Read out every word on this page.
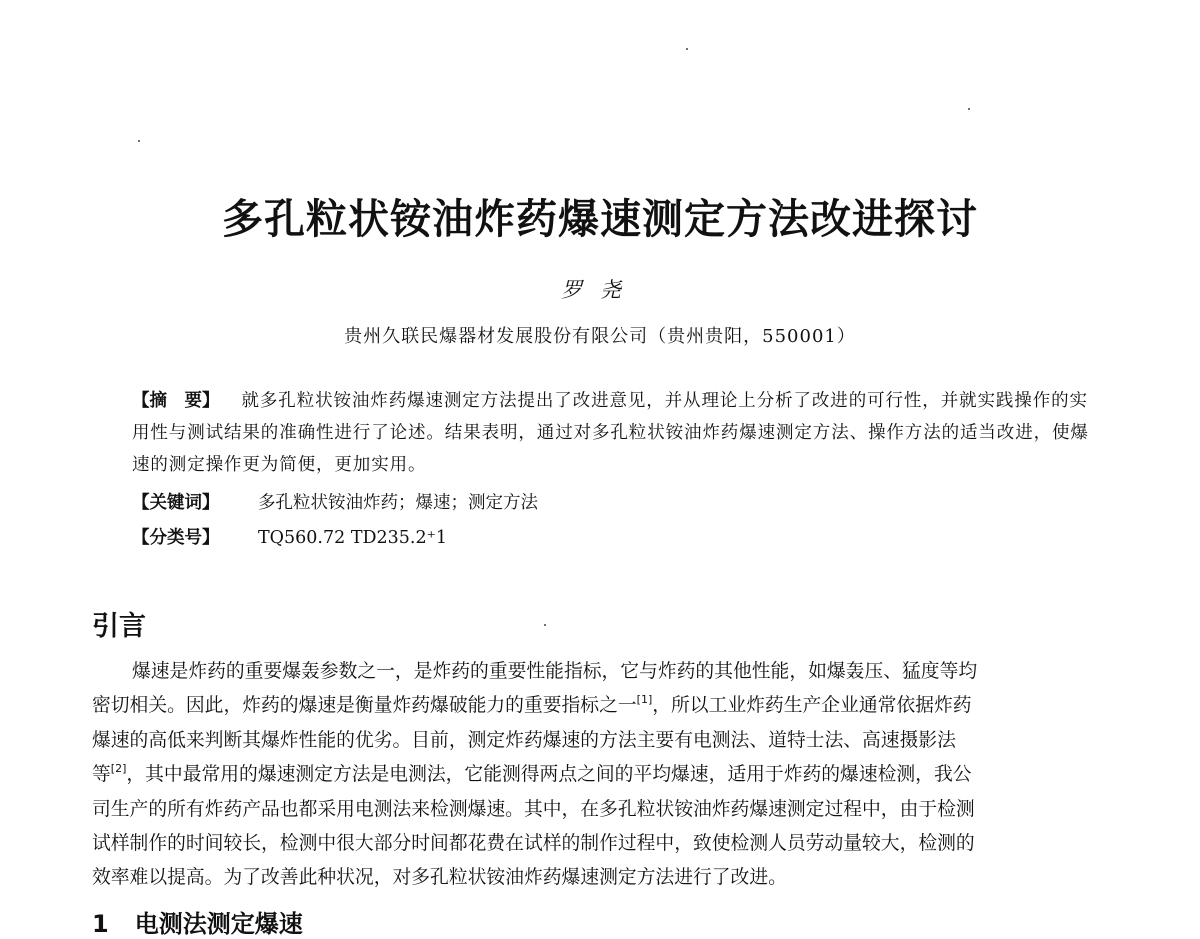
多孔粒状铵油炸药爆速测定方法改进探讨
罗尧
贵州久联民爆器材发展股份有限公司（贵州贵阳，550001）
【摘　要】 就多孔粒状铵油炸药爆速测定方法提出了改进意见，并从理论上分析了改进的可行性，并就实践操作的实用性与测试结果的准确性进行了论述。结果表明，通过对多孔粒状铵油炸药爆速测定方法、操作方法的适当改进，使爆速的测定操作更为简便，更加实用。
【关键词】 多孔粒状铵油炸药；爆速；测定方法
【分类号】 TQ560.72 TD235.2⁺1
引言
爆速是炸药的重要爆轰参数之一，是炸药的重要性能指标，它与炸药的其他性能，如爆轰压、猛度等均
密切相关。因此，炸药的爆速是衡量炸药爆破能力的重要指标之一[1]，所以工业炸药生产企业通常依据炸药
爆速的高低来判断其爆炸性能的优劣。目前，测定炸药爆速的方法主要有电测法、道特士法、高速摄影法
等[2]，其中最常用的爆速测定方法是电测法，它能测得两点之间的平均爆速，适用于炸药的爆速检测，我公
司生产的所有炸药产品也都采用电测法来检测爆速。其中，在多孔粒状铵油炸药爆速测定过程中，由于检测
试样制作的时间较长，检测中很大部分时间都花费在试样的制作过程中，致使检测人员劳动量较大，检测的
效率难以提高。为了改善此种状况，对多孔粒状铵油炸药爆速测定方法进行了改进。
1 电测法测定爆速
